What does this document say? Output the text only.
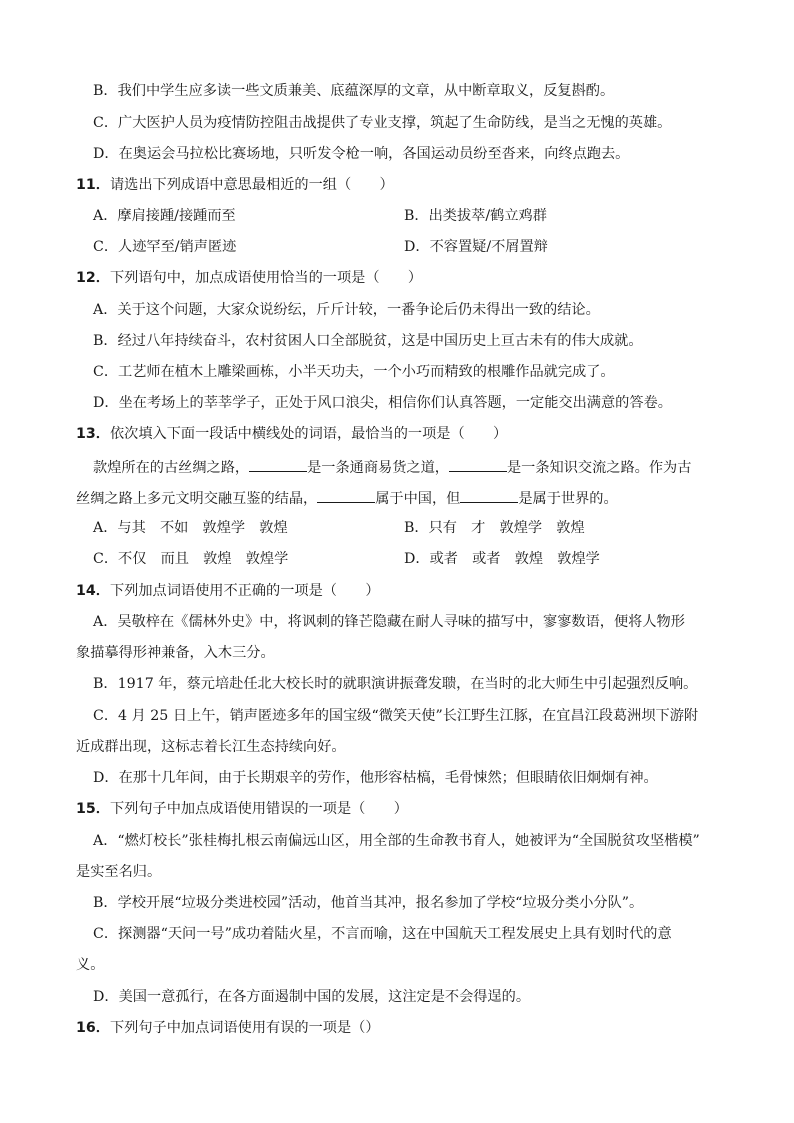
B．我们中学生应多读一些文质兼美、底蕴深厚的文章，从中断章取义，反复斟酌。
C．广大医护人员为疫情防控阻击战提供了专业支撑，筑起了生命防线，是当之无愧的英雄。
D．在奥运会马拉松比赛场地，只听发令枪一响，各国运动员纷至沓来，向终点跑去。
11．请选出下列成语中意思最相近的一组（　　）
A．摩肩接踵/接踵而至	B．出类拔萃/鹤立鸡群
C．人迹罕至/销声匿迹	D．不容置疑/不屑置辩
12．下列语句中，加点成语使用恰当的一项是（　　）
A．关于这个问题，大家众说纷纭，斤斤计较，一番争论后仍未得出一致的结论。
B．经过八年持续奋斗，农村贫困人口全部脱贫，这是中国历史上亘古未有的伟大成就。
C．工艺师在植木上雕梁画栋，小半天功夫，一个小巧而精致的根雕作品就完成了。
D．坐在考场上的莘莘学子，正处于风口浪尖，相信你们认真答题，一定能交出满意的答卷。
13．依次填入下面一段话中横线处的词语，最恰当的一项是（　　）
款煌所在的古丝绸之路，	是一条通商易货之道，	是一条知识交流之路。作为古
丝绸之路上多元文明交融互鉴的结晶，	属于中国，但	是属于世界的。
A．与其　不如　敦煌学　敦煌	B．只有　才　敦煌学　敦煌
C．不仅　而且　敦煌　敦煌学	D．或者　或者　敦煌　敦煌学
14．下列加点词语使用不正确的一项是（　　）
A．吴敬梓在《儒林外史》中，将讽刺的锋芒隐藏在耐人寻味的描写中，寥寥数语，便将人物形
象描摹得形神兼备，入木三分。
B．1917 年，蔡元培赴任北大校长时的就职演讲振聋发聩，在当时的北大师生中引起强烈反响。
C．4 月 25 日上午，销声匿迹多年的国宝级“微笑天使”长江野生江豚，在宜昌江段葛洲坝下游附
近成群出现，这标志着长江生态持续向好。
D．在那十几年间，由于长期艰辛的劳作，他形容枯槁，毛骨悚然；但眼睛依旧炯炯有神。
15．下列句子中加点成语使用错误的一项是（　　）
A．“燃灯校长”张桂梅扎根云南偏远山区，用全部的生命教书育人，她被评为“全国脱贫攻坚楷模”
是实至名归。
B．学校开展“垃圾分类进校园”活动，他首当其冲，报名参加了学校“垃圾分类小分队”。
C．探测器“天问一号”成功着陆火星，不言而喻，这在中国航天工程发展史上具有划时代的意
义。
D．美国一意孤行，在各方面遏制中国的发展，这注定是不会得逞的。
16．下列句子中加点词语使用有误的一项是（）
